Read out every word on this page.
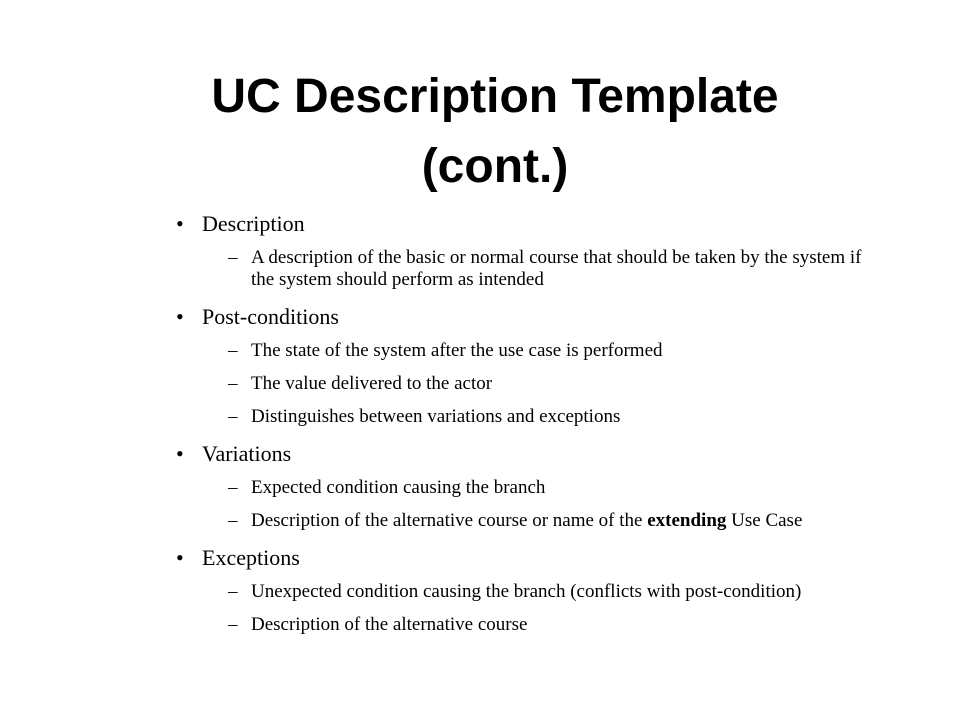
UC Description Template
(cont.)
• Description
– A description of the basic or normal course that should be taken by the system if the system should perform as intended
• Post-conditions
– The state of the system after the use case is performed
– The value delivered to the actor
– Distinguishes between variations and exceptions
• Variations
– Expected condition causing the branch
– Description of the alternative course or name of the extending Use Case
• Exceptions
– Unexpected condition causing the branch (conflicts with post-condition)
– Description of the alternative course
